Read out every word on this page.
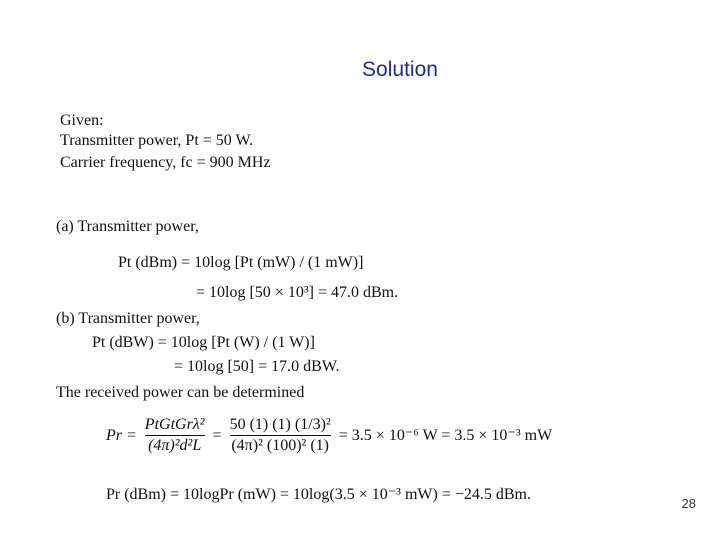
Solution
Given:
Transmitter power, Pt = 50 W.
Carrier frequency, fc = 900 MHz
(a) Transmitter power,
Pt (dBm) = 10log [Pt (mW) / (1 mW)]
= 10log [50 × 10³] = 47.0 dBm.
(b) Transmitter power,
Pt (dBW) = 10log [Pt (W) / (1 W)]
= 10log [50] = 17.0 dBW.
The received power can be determined
$Pr = \frac{\text{PtGtGrλ²}}{\text{(4π)²d²L}} = \frac{\text{50 (1) (1) (1/3)²}}{\text{(4π)² (100)² (1)}} = 3.5 \times 10^{-6}$ W = 3.5 × 10⁻³ mW
Pr (dBm) = 10logPr (mW) = 10log(3.5 × 10⁻³ mW) = −24.5 dBm.
28
